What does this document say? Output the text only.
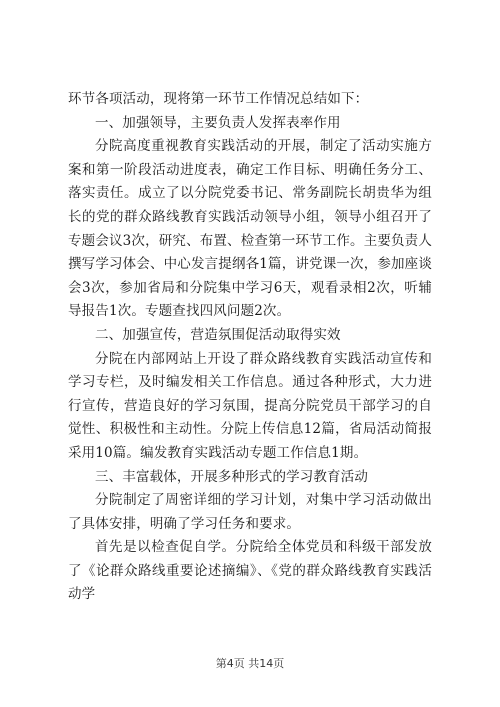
环节各项活动，现将第一环节工作情况总结如下：

一、加强领导，主要负责人发挥表率作用

分院高度重视教育实践活动的开展，制定了活动实施方案和第一阶段活动进度表，确定工作目标、明确任务分工、落实责任。成立了以分院党委书记、常务副院长胡贵华为组长的党的群众路线教育实践活动领导小组，领导小组召开了专题会议3次，研究、布置、检查第一环节工作。主要负责人撰写学习体会、中心发言提纲各1篇，讲党课一次，参加座谈会3次，参加省局和分院集中学习6天，观看录相2次，听辅导报告1次。专题查找四风问题2次。

二、加强宣传，营造氛围促活动取得实效

分院在内部网站上开设了群众路线教育实践活动宣传和学习专栏，及时编发相关工作信息。通过各种形式，大力进行宣传，营造良好的学习氛围，提高分院党员干部学习的自觉性、积极性和主动性。分院上传信息12篇，省局活动简报采用10篇。编发教育实践活动专题工作信息1期。

三、丰富载体，开展多种形式的学习教育活动

分院制定了周密详细的学习计划，对集中学习活动做出了具体安排，明确了学习任务和要求。

首先是以检查促自学。分院给全体党员和科级干部发放了《论群众路线重要论述摘编》、《党的群众路线教育实践活动学

第4页 共14页
